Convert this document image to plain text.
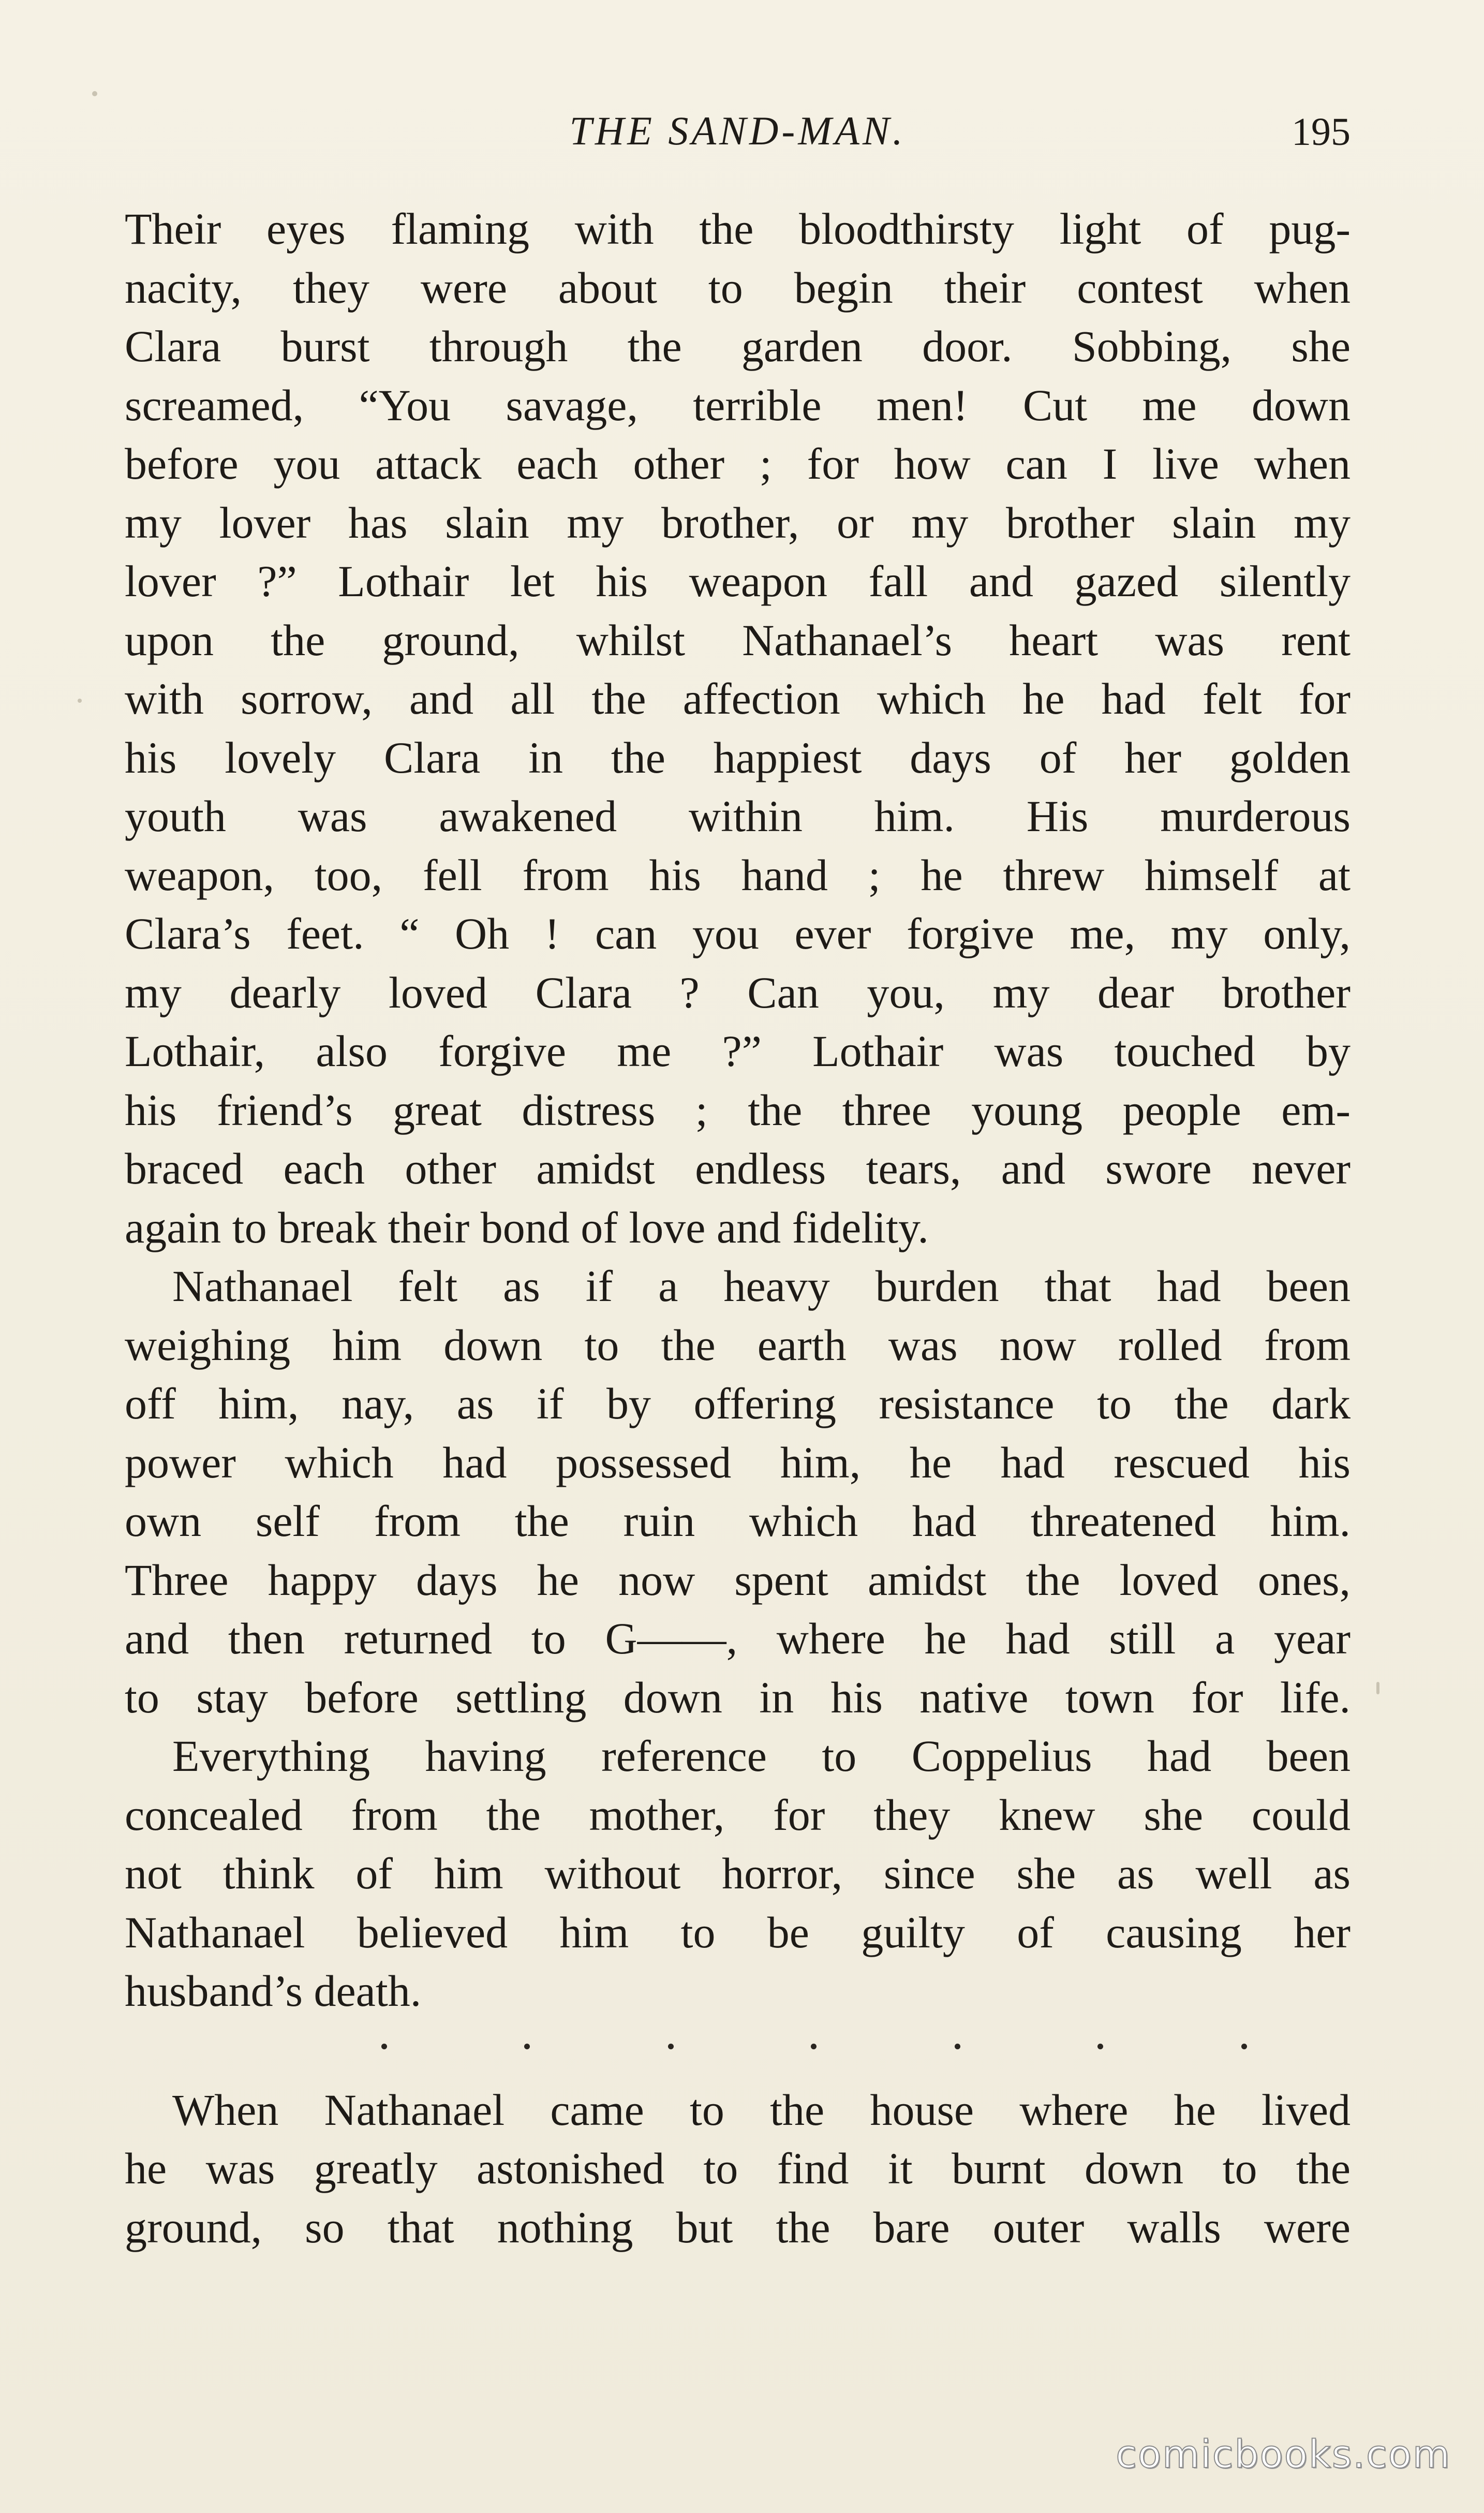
THE SAND-MAN.	195
Their eyes flaming with the bloodthirsty light of pug-
nacity, they were about to begin their contest when
Clara burst through the garden door. Sobbing, she
screamed, “You savage, terrible men! Cut me down
before you attack each other ; for how can I live when
my lover has slain my brother, or my brother slain my
lover ?” Lothair let his weapon fall and gazed silently
upon the ground, whilst Nathanael’s heart was rent
with sorrow, and all the affection which he had felt for
his lovely Clara in the happiest days of her golden
youth was awakened within him. His murderous
weapon, too, fell from his hand ; he threw himself at
Clara’s feet. “ Oh ! can you ever forgive me, my only,
my dearly loved Clara ? Can you, my dear brother
Lothair, also forgive me ?” Lothair was touched by
his friend’s great distress ; the three young people em-
braced each other amidst endless tears, and swore never
again to break their bond of love and fidelity.
Nathanael felt as if a heavy burden that had been
weighing him down to the earth was now rolled from
off him, nay, as if by offering resistance to the dark
power which had possessed him, he had rescued his
own self from the ruin which had threatened him.
Three happy days he now spent amidst the loved ones,
and then returned to G——, where he had still a year
to stay before settling down in his native town for life.
Everything having reference to Coppelius had been
concealed from the mother, for they knew she could
not think of him without horror, since she as well as
Nathanael believed him to be guilty of causing her
husband’s death.
When Nathanael came to the house where he lived
he was greatly astonished to find it burnt down to the
ground, so that nothing but the bare outer walls were
comicbooks.com
